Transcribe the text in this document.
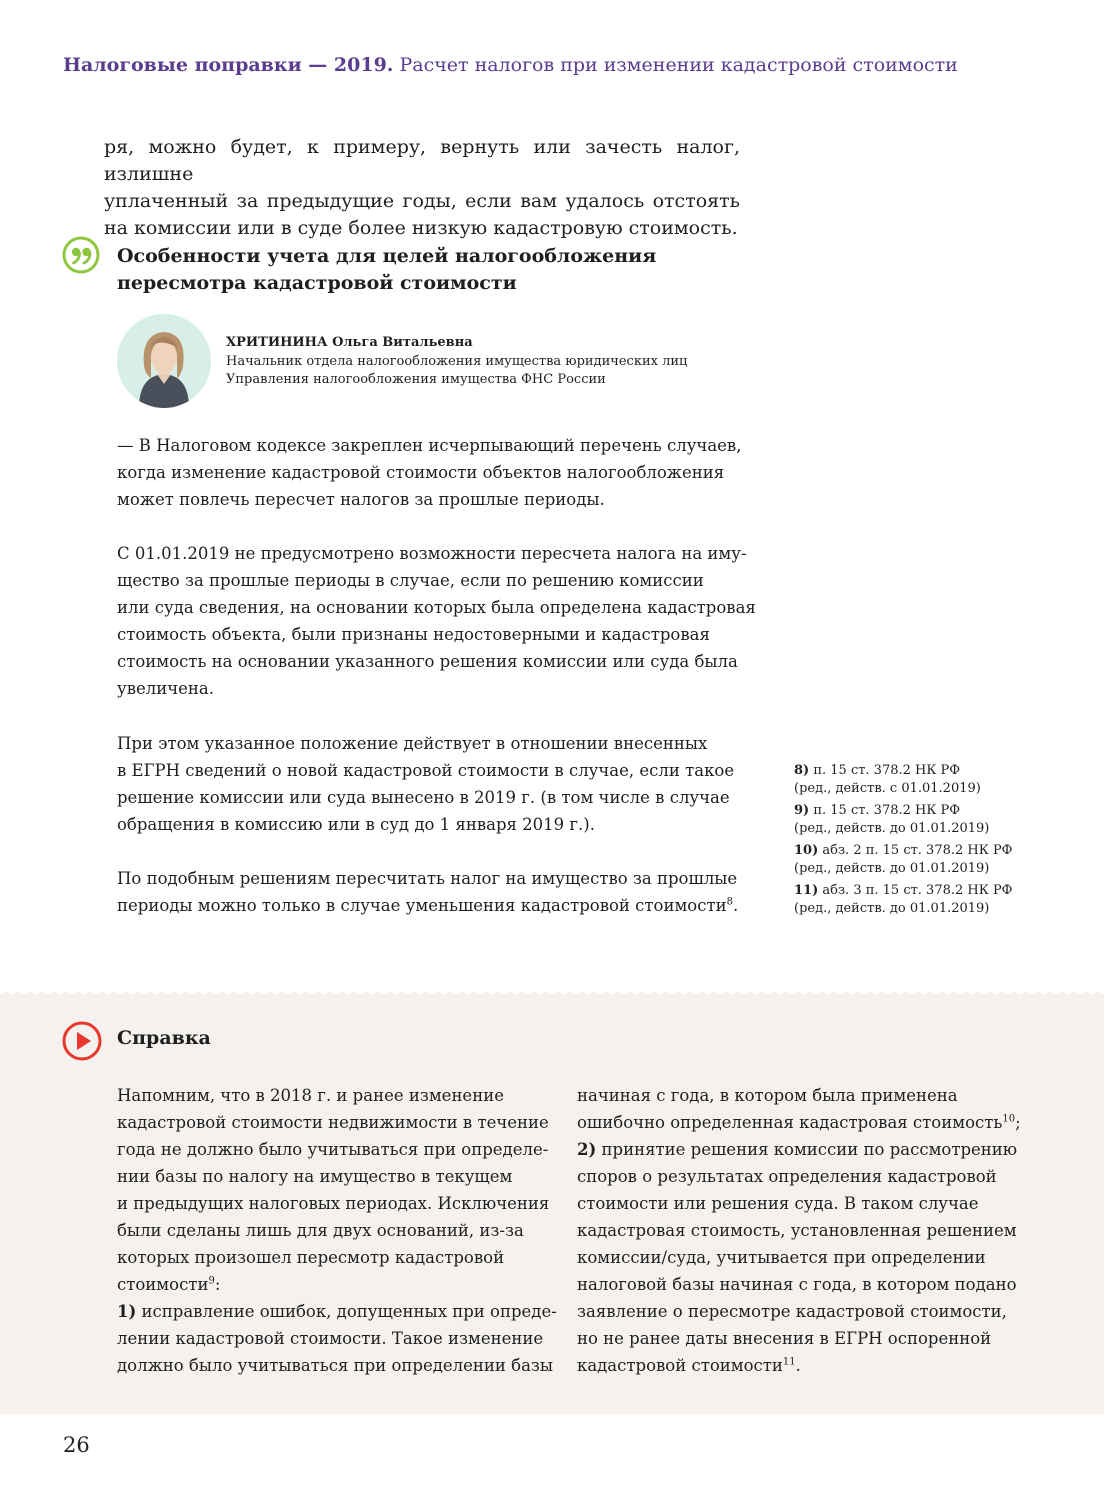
Налоговые поправки — 2019. Расчет налогов при изменении кадастровой стоимости
ря, можно будет, к примеру, вернуть или зачесть налог, излишне
уплаченный за предыдущие годы, если вам удалось отстоять
на комиссии или в суде более низкую кадастровую стоимость.
Особенности учета для целей налогообложения
пересмотра кадастровой стоимости
ХРИТИНИНА Ольга Витальевна
Начальник отдела налогообложения имущества юридических лиц
Управления налогообложения имущества ФНС России
— В Налоговом кодексе закреплен исчерпывающий перечень случаев,
когда изменение кадастровой стоимости объектов налогообложения
может повлечь пересчет налогов за прошлые периоды.
С 01.01.2019 не предусмотрено возможности пересчета налога на иму-
щество за прошлые периоды в случае, если по решению комиссии
или суда сведения, на основании которых была определена кадастровая
стоимость объекта, были признаны недостоверными и кадастровая
стоимость на основании указанного решения комиссии или суда была
увеличена.
При этом указанное положение действует в отношении внесенных
в ЕГРН сведений о новой кадастровой стоимости в случае, если такое
решение комиссии или суда вынесено в 2019 г. (в том числе в случае
обращения в комиссию или в суд до 1 января 2019 г.).
По подобным решениям пересчитать налог на имущество за прошлые
периоды можно только в случае уменьшения кадастровой стоимости$^8$.
8) п. 15 ст. 378.2 НК РФ
(ред., действ. с 01.01.2019)
9) п. 15 ст. 378.2 НК РФ
(ред., действ. до 01.01.2019)
10) абз. 2 п. 15 ст. 378.2 НК РФ
(ред., действ. до 01.01.2019)
11) абз. 3 п. 15 ст. 378.2 НК РФ
(ред., действ. до 01.01.2019)
Справка
Напомним, что в 2018 г. и ранее изменение
кадастровой стоимости недвижимости в течение
года не должно было учитываться при определе-
нии базы по налогу на имущество в текущем
и предыдущих налоговых периодах. Исключения
были сделаны лишь для двух оснований, из-за
которых произошел пересмотр кадастровой
стоимости$^9$:
1) исправление ошибок, допущенных при опреде-
лении кадастровой стоимости. Такое изменение
должно было учитываться при определении базы
начиная с года, в котором была применена
ошибочно определенная кадастровая стоимость$^{10}$;
2) принятие решения комиссии по рассмотрению
споров о результатах определения кадастровой
стоимости или решения суда. В таком случае
кадастровая стоимость, установленная решением
комиссии/суда, учитывается при определении
налоговой базы начиная с года, в котором подано
заявление о пересмотре кадастровой стоимости,
но не ранее даты внесения в ЕГРН оспоренной
кадастровой стоимости$^{11}$.
26
